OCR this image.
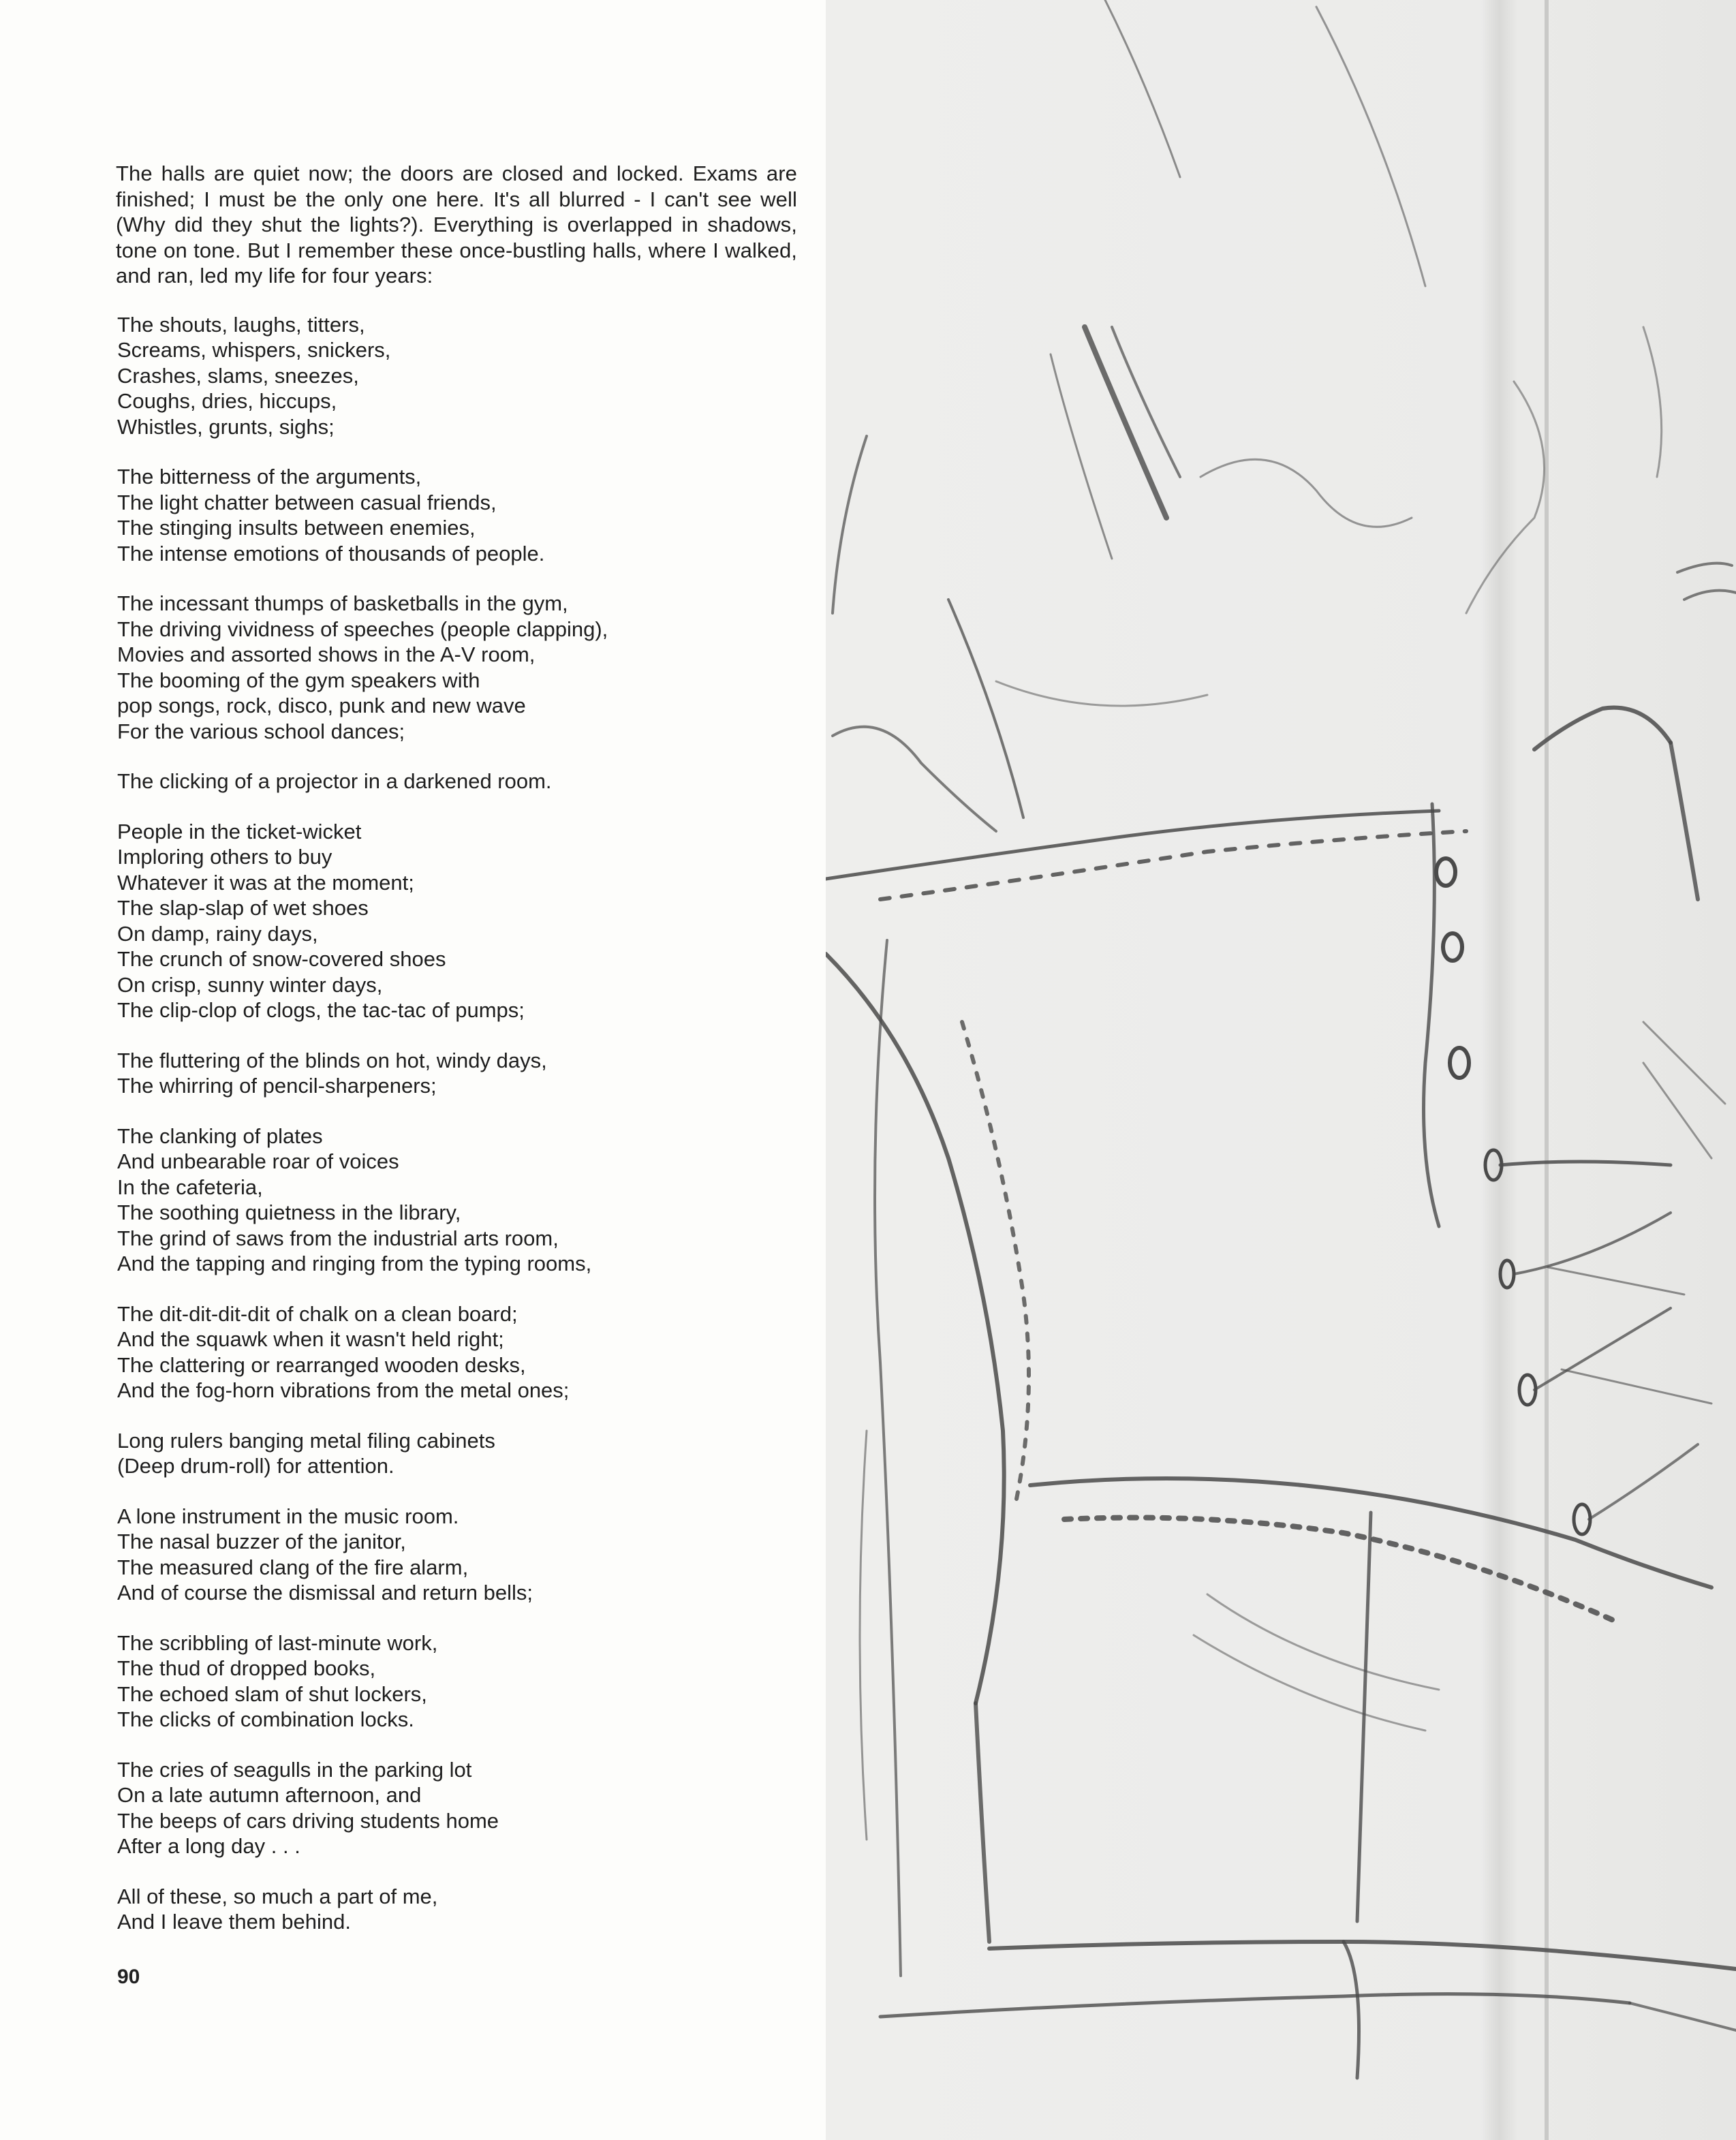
The halls are quiet now; the doors are closed and locked. Exams are finished; I must be the only one here. It's all blurred - I can't see well (Why did they shut the lights?). Everything is overlapped in shadows, tone on tone. But I remember these once-bustling halls, where I walked, and ran, led my life for four years:

The shouts, laughs, titters,
Screams, whispers, snickers,
Crashes, slams, sneezes,
Coughs, dries, hiccups,
Whistles, grunts, sighs;
The bitterness of the arguments,
The light chatter between casual friends,
The stinging insults between enemies,
The intense emotions of thousands of people.
The incessant thumps of basketballs in the gym,
The driving vividness of speeches (people clapping),
Movies and assorted shows in the A-V room,
The booming of the gym speakers with
pop songs, rock, disco, punk and new wave
For the various school dances;
The clicking of a projector in a darkened room.
People in the ticket-wicket
Imploring others to buy
Whatever it was at the moment;
The slap-slap of wet shoes
On damp, rainy days,
The crunch of snow-covered shoes
On crisp, sunny winter days,
The clip-clop of clogs, the tac-tac of pumps;
The fluttering of the blinds on hot, windy days,
The whirring of pencil-sharpeners;
The clanking of plates
And unbearable roar of voices
In the cafeteria,
The soothing quietness in the library,
The grind of saws from the industrial arts room,
And the tapping and ringing from the typing rooms,
The dit-dit-dit-dit of chalk on a clean board;
And the squawk when it wasn't held right;
The clattering or rearranged wooden desks,
And the fog-horn vibrations from the metal ones;
Long rulers banging metal filing cabinets
(Deep drum-roll) for attention.
A lone instrument in the music room.
The nasal buzzer of the janitor,
The measured clang of the fire alarm,
And of course the dismissal and return bells;
The scribbling of last-minute work,
The thud of dropped books,
The echoed slam of shut lockers,
The clicks of combination locks.
The cries of seagulls in the parking lot
On a late autumn afternoon, and
The beeps of cars driving students home
After a long day . . .
All of these, so much a part of me,
And I leave them behind.
90
